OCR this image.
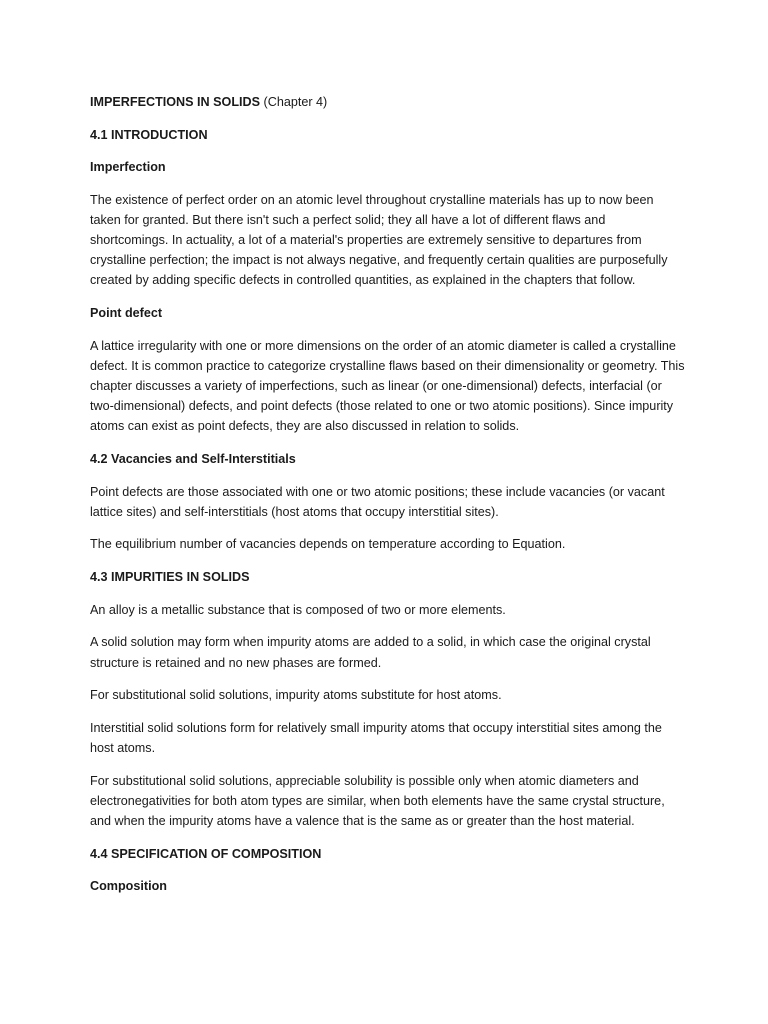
IMPERFECTIONS IN SOLIDS (Chapter 4)
4.1 INTRODUCTION
Imperfection
The existence of perfect order on an atomic level throughout crystalline materials has up to now been taken for granted. But there isn't such a perfect solid; they all have a lot of different flaws and shortcomings. In actuality, a lot of a material's properties are extremely sensitive to departures from crystalline perfection; the impact is not always negative, and frequently certain qualities are purposefully created by adding specific defects in controlled quantities, as explained in the chapters that follow.
Point defect
A lattice irregularity with one or more dimensions on the order of an atomic diameter is called a crystalline defect. It is common practice to categorize crystalline flaws based on their dimensionality or geometry. This chapter discusses a variety of imperfections, such as linear (or one-dimensional) defects, interfacial (or two-dimensional) defects, and point defects (those related to one or two atomic positions). Since impurity atoms can exist as point defects, they are also discussed in relation to solids.
4.2 Vacancies and Self-Interstitials
Point defects are those associated with one or two atomic positions; these include vacancies (or vacant lattice sites) and self-interstitials (host atoms that occupy interstitial sites).
The equilibrium number of vacancies depends on temperature according to Equation.
4.3 IMPURITIES IN SOLIDS
An alloy is a metallic substance that is composed of two or more elements.
A solid solution may form when impurity atoms are added to a solid, in which case the original crystal structure is retained and no new phases are formed.
For substitutional solid solutions, impurity atoms substitute for host atoms.
Interstitial solid solutions form for relatively small impurity atoms that occupy interstitial sites among the host atoms.
For substitutional solid solutions, appreciable solubility is possible only when atomic diameters and electronegativities for both atom types are similar, when both elements have the same crystal structure, and when the impurity atoms have a valence that is the same as or greater than the host material.
4.4 SPECIFICATION OF COMPOSITION
Composition
